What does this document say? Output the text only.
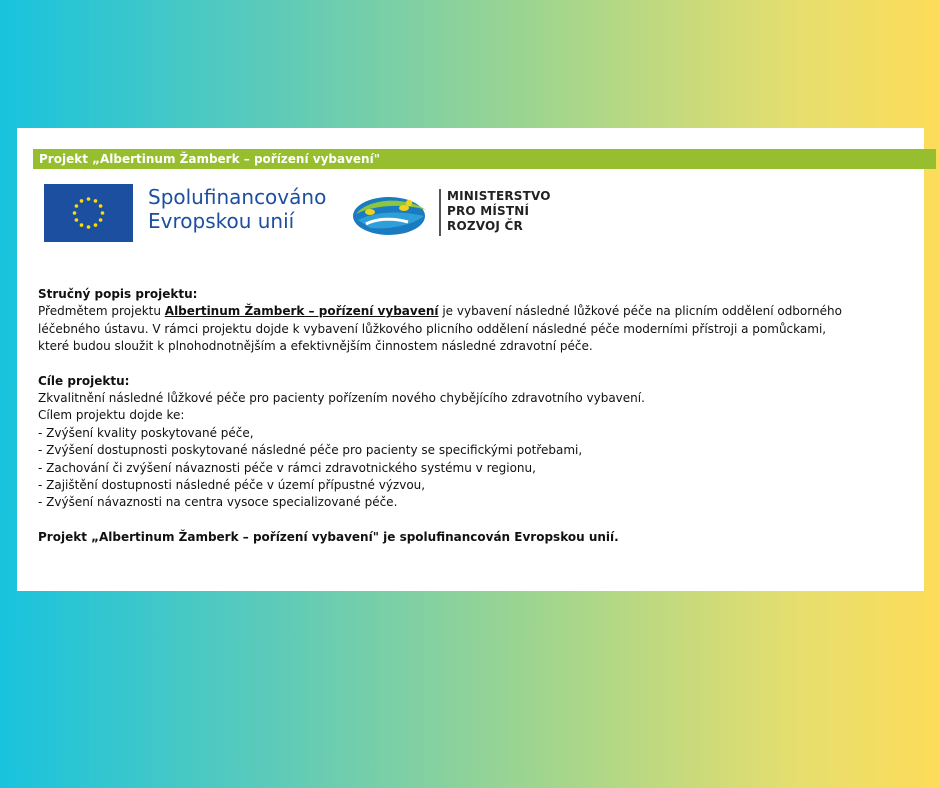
Projekt „Albertinum Žamberk – pořízení vybavení"
Spolufinancováno
Evropskou unií
MINISTERSTVO
PRO MÍSTNÍ
ROZVOJ ČR

Stručný popis projektu:

Předmětem projektu Albertinum Žamberk – pořízení vybavení je vybavení následné lůžkové péče na plicním oddělení odborného

léčebného ústavu. V rámci projektu dojde k vybavení lůžkového plicního oddělení následné péče moderními přístroji a pomůckami,

které budou sloužit k plnohodnotnějším a efektivnějším činnostem následné zdravotní péče.

Cíle projektu:

Zkvalitnění následné lůžkové péče pro pacienty pořízením nového chybějícího zdravotního vybavení.

Cílem projektu dojde ke:

- Zvýšení kvality poskytované péče,

- Zvýšení dostupnosti poskytované následné péče pro pacienty se specifickými potřebami,

- Zachování či zvýšení návaznosti péče v rámci zdravotnického systému v regionu,

- Zajištění dostupnosti následné péče v území přípustné výzvou,

- Zvýšení návaznosti na centra vysoce specializované péče.

Projekt „Albertinum Žamberk – pořízení vybavení" je spolufinancován Evropskou unií.
